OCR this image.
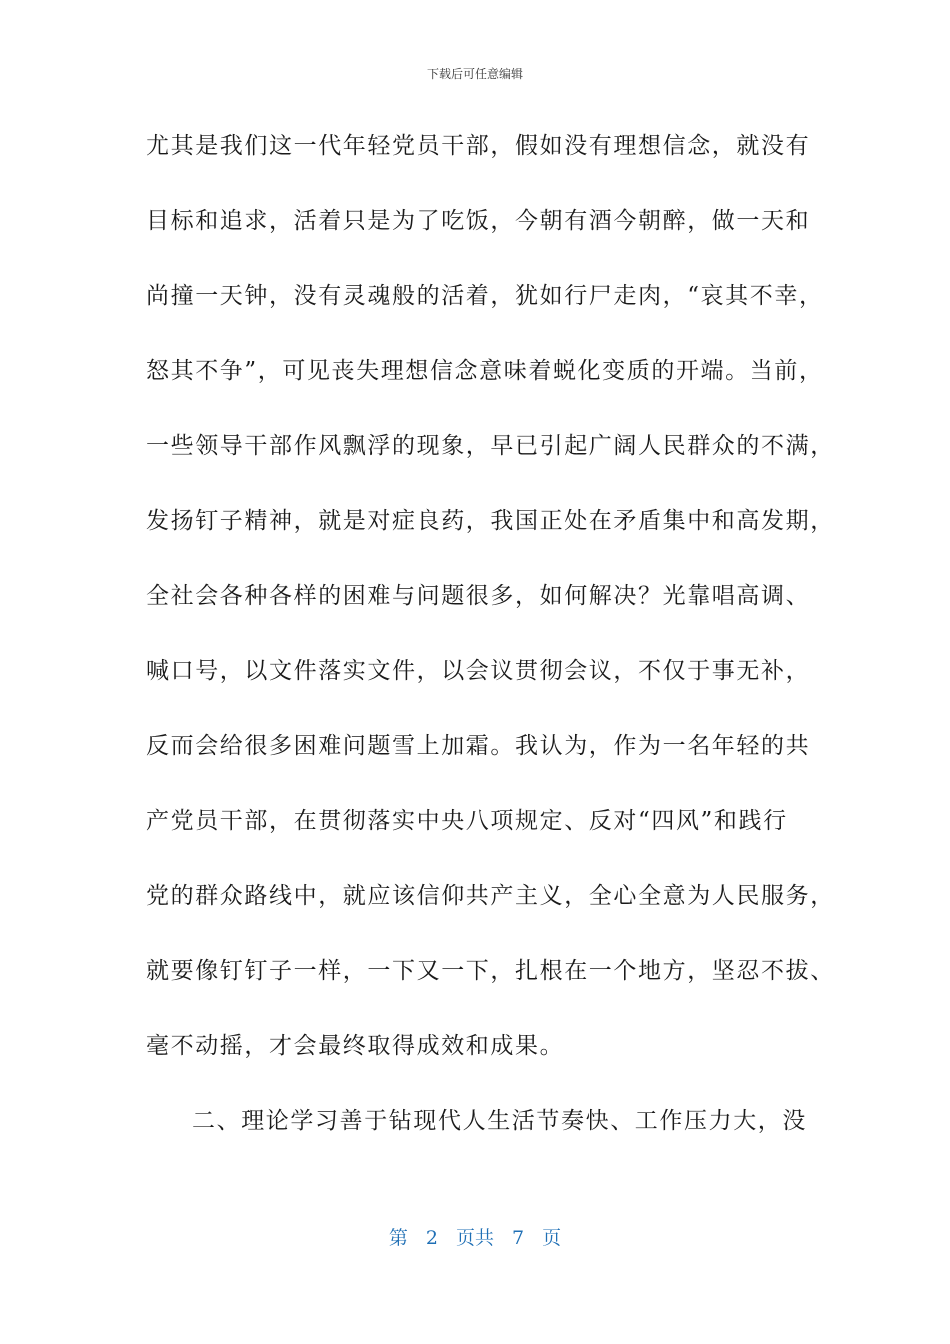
下载后可任意编辑
尤其是我们这一代年轻党员干部，假如没有理想信念，就没有
目标和追求，活着只是为了吃饭，今朝有酒今朝醉，做一天和
尚撞一天钟，没有灵魂般的活着，犹如行尸走肉，“哀其不幸，
怒其不争”，可见丧失理想信念意味着蜕化变质的开端。当前，
一些领导干部作风飘浮的现象，早已引起广阔人民群众的不满，
发扬钉子精神，就是对症良药，我国正处在矛盾集中和高发期，
全社会各种各样的困难与问题很多，如何解决？光靠唱高调、
喊口号，以文件落实文件，以会议贯彻会议，不仅于事无补，
反而会给很多困难问题雪上加霜。我认为，作为一名年轻的共
产党员干部，在贯彻落实中央八项规定、反对“四风”和践行
党的群众路线中，就应该信仰共产主义，全心全意为人民服务，
就要像钉钉子一样，一下又一下，扎根在一个地方，坚忍不拔、
毫不动摇，才会最终取得成效和成果。
二、理论学习善于钻现代人生活节奏快、工作压力大，没
第 2 页共 7 页
